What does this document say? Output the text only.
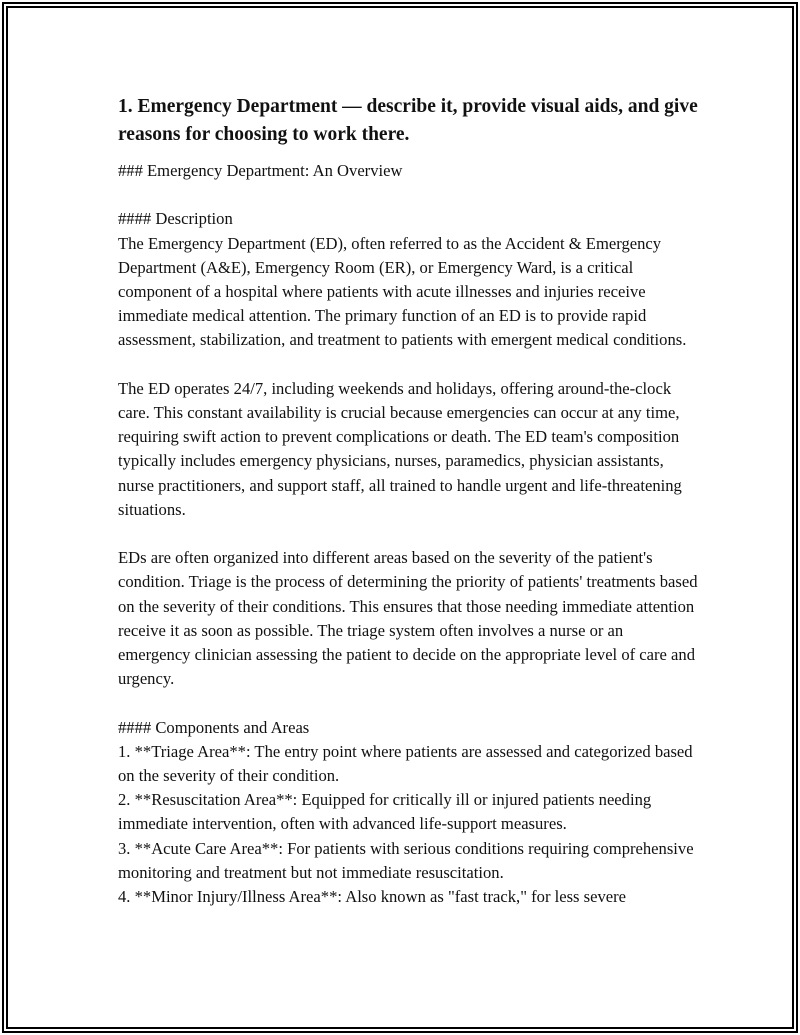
1. Emergency Department — describe it, provide visual aids, and give reasons for choosing to work there.
### Emergency Department: An Overview

#### Description
The Emergency Department (ED), often referred to as the Accident & Emergency Department (A&E), Emergency Room (ER), or Emergency Ward, is a critical component of a hospital where patients with acute illnesses and injuries receive immediate medical attention. The primary function of an ED is to provide rapid assessment, stabilization, and treatment to patients with emergent medical conditions.

The ED operates 24/7, including weekends and holidays, offering around-the-clock care. This constant availability is crucial because emergencies can occur at any time, requiring swift action to prevent complications or death. The ED team's composition typically includes emergency physicians, nurses, paramedics, physician assistants, nurse practitioners, and support staff, all trained to handle urgent and life-threatening situations.

EDs are often organized into different areas based on the severity of the patient's condition. Triage is the process of determining the priority of patients' treatments based on the severity of their conditions. This ensures that those needing immediate attention receive it as soon as possible. The triage system often involves a nurse or an emergency clinician assessing the patient to decide on the appropriate level of care and urgency.

#### Components and Areas
1. **Triage Area**: The entry point where patients are assessed and categorized based on the severity of their condition.
2. **Resuscitation Area**: Equipped for critically ill or injured patients needing immediate intervention, often with advanced life-support measures.
3. **Acute Care Area**: For patients with serious conditions requiring comprehensive monitoring and treatment but not immediate resuscitation.
4. **Minor Injury/Illness Area**: Also known as "fast track," for less severe
